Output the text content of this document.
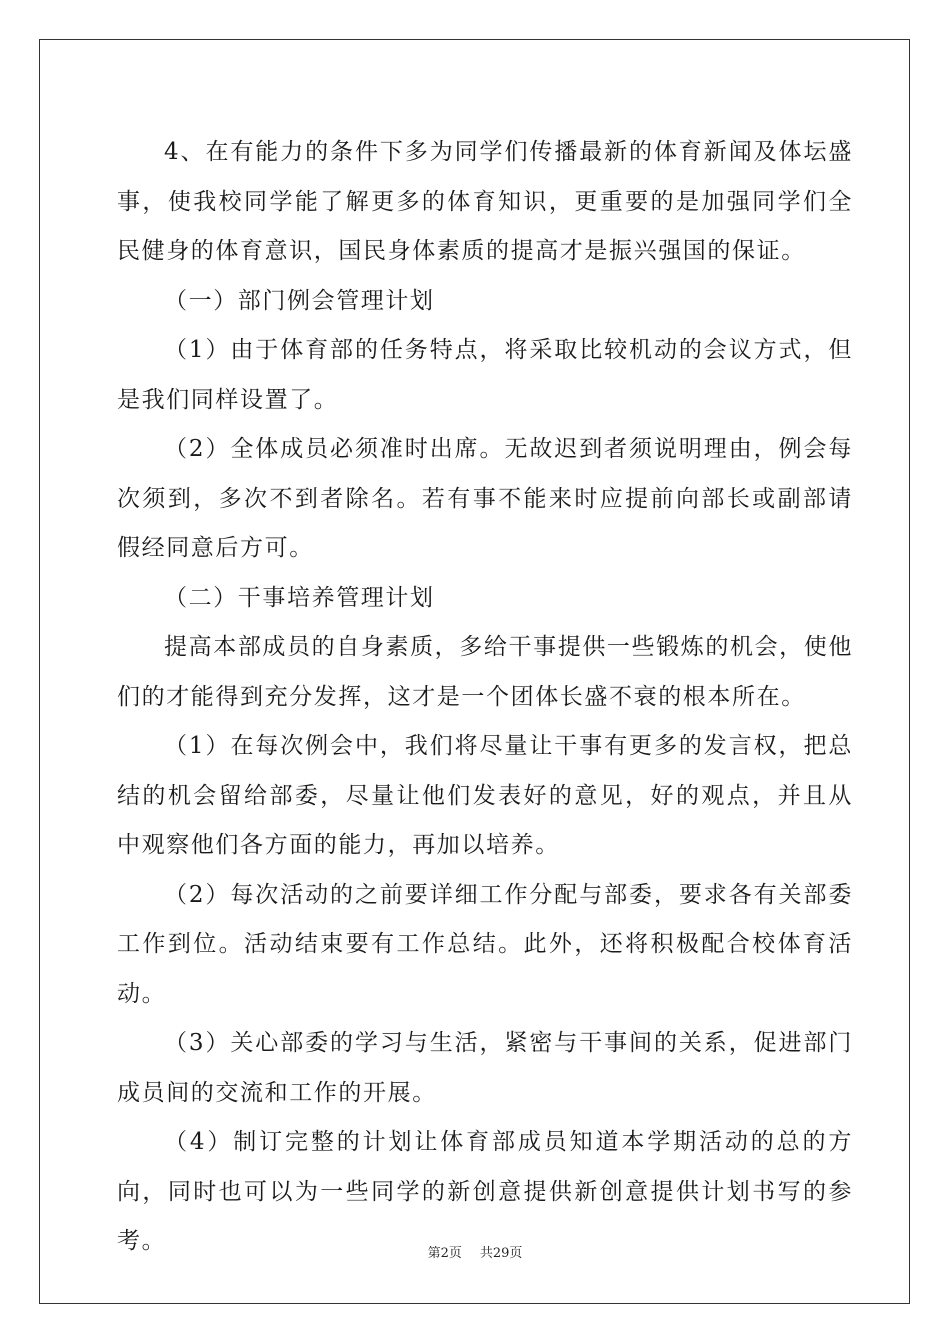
4、在有能力的条件下多为同学们传播最新的体育新闻及体坛盛事，使我校同学能了解更多的体育知识，更重要的是加强同学们全民健身的体育意识，国民身体素质的提高才是振兴强国的保证。

（一）部门例会管理计划

（1）由于体育部的任务特点，将采取比较机动的会议方式，但是我们同样设置了。

（2）全体成员必须准时出席。无故迟到者须说明理由，例会每次须到，多次不到者除名。若有事不能来时应提前向部长或副部请假经同意后方可。

（二）干事培养管理计划

提高本部成员的自身素质，多给干事提供一些锻炼的机会，使他们的才能得到充分发挥，这才是一个团体长盛不衰的根本所在。

（1）在每次例会中，我们将尽量让干事有更多的发言权，把总结的机会留给部委，尽量让他们发表好的意见，好的观点，并且从中观察他们各方面的能力，再加以培养。

（2）每次活动的之前要详细工作分配与部委，要求各有关部委工作到位。活动结束要有工作总结。此外，还将积极配合校体育活动。

（3）关心部委的学习与生活，紧密与干事间的关系，促进部门成员间的交流和工作的开展。

（4）制订完整的计划让体育部成员知道本学期活动的总的方向，同时也可以为一些同学的新创意提供新创意提供计划书写的参考。	第2页 共29页
